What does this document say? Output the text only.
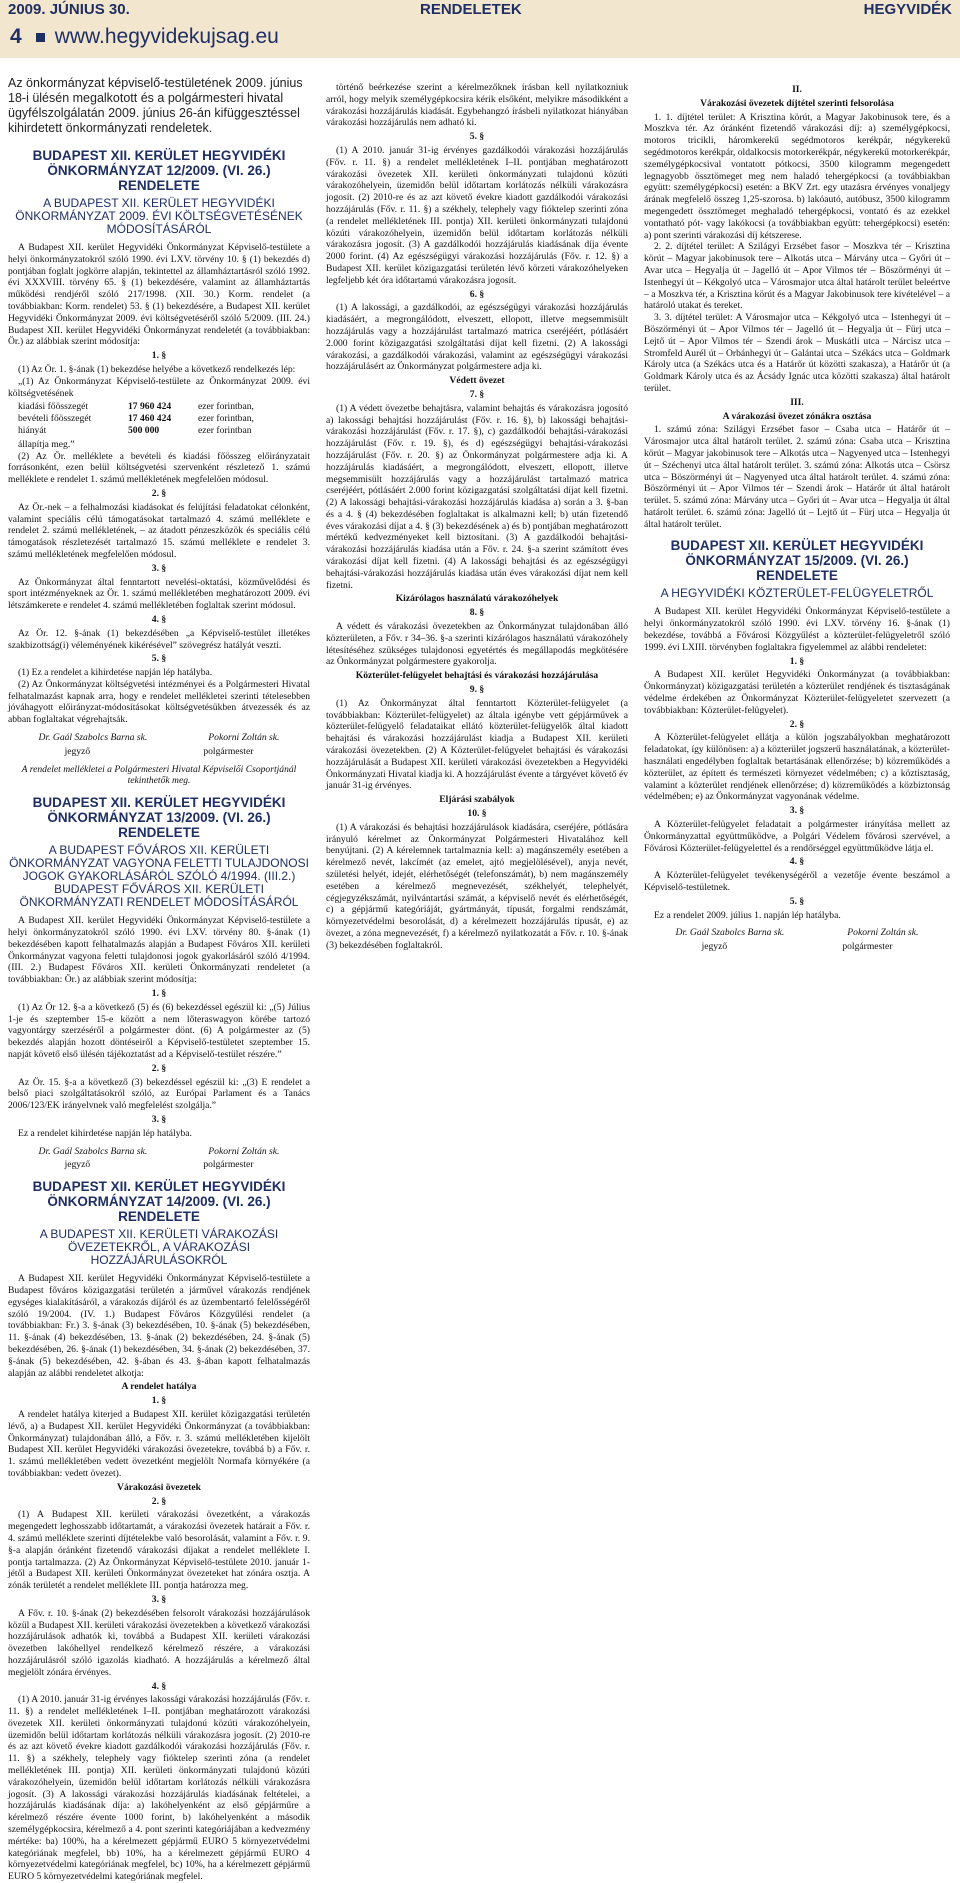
2009. JÚNIUS 30.	RENDELETEK	HEGYVIDÉK
4 www.hegyvidekujsag.eu

Az önkormányzat képviselő-testületének 2009. június 18-i ülésén megalkotott és a polgármesteri hivatal ügyfélszolgálatán 2009. június 26-án kifüggesztéssel kihirdetett önkormányzati rendeletek.

BUDAPEST XII. KERÜLET HEGYVIDÉKI ÖNKORMÁNYZAT 12/2009. (VI. 26.) RENDELETE
A BUDAPEST XII. KERÜLET HEGYVIDÉKI ÖNKORMÁNYZAT 2009. ÉVI KÖLTSÉGVETÉSÉNEK MÓDOSÍTÁSÁRÓL

A Budapest XII. kerület Hegyvidéki Önkormányzat Képviselő-testülete a helyi önkormányzatokról szóló 1990. évi LXV. törvény 10. § (1) bekezdés d) pontjában foglalt jogkörre alapján, tekintettel az államháztartásról szóló 1992. évi XXXVIII. törvény 65. § (1) bekezdésére, valamint az államháztartás működési rendjéről szóló 217/1998. (XII. 30.) Korm. rendelet (a továbbiakban: Korm. rendelet) 53. § (1) bekezdésére, a Budapest XII. kerület Hegyvidéki Önkormányzat 2009. évi költségvetéséről szóló 5/2009. (III. 24.) Budapest XII. kerület Hegyvidéki Önkormányzat rendeletét (a továbbiakban: Ör.) az alábbiak szerint módosítja:

1. §

(1) Az Ör. 1. §-ának (1) bekezdése helyébe a következő rendelkezés lép:

„(1) Az Önkormányzat Képviselő-testülete az Önkormányzat 2009. évi költségvetésének

kiadási főösszegét	17 960 424	ezer forintban,
bevételi főösszegét	17 460 424	ezer forintban,
hiányát	500 000	ezer forintban

állapítja meg.”

(2) Az Ör. melléklete a bevételi és kiadási főösszeg előirányzatait forrásonként, ezen belül költségvetési szervenként részletező 1. számú melléklete e rendelet 1. számú mellékletének megfelelően módosul.

2. §

Az Ör.-nek – a felhalmozási kiadásokat és felújítási feladatokat célonként, valamint speciális célú támogatásokat tartalmazó 4. számú melléklete e rendelet 2. számú mellékletének, – az átadott pénzeszközök és speciális célú támogatások részletezését tartalmazó 15. számú melléklete e rendelet 3. számú mellékletének megfelelően módosul.

3. §

Az Önkormányzat által fenntartott nevelési-oktatási, közművelődési és sport intézményeknek az Ör. 1. számú mellékletében meghatározott 2009. évi létszámkerete e rendelet 4. számú mellékletében foglaltak szerint módosul.

4. §

Az Ör. 12. §-ának (1) bekezdésében „a Képviselő-testület illetékes szakbizottság(i) véleményének kikérésével” szövegrész hatályát veszti.

5. §

(1) Ez a rendelet a kihirdetése napján lép hatályba.

(2) Az Önkormányzat költségvetési intézményei és a Polgármesteri Hivatal felhatalmazást kapnak arra, hogy e rendelet mellékletei szerinti tételesebben jóváhagyott előirányzat-módosításokat költségvetésükben átvezessék és az abban foglaltakat végrehajtsák.

Dr. Gaál Szabolcs Barna sk.	Pokorni Zoltán sk.
jegyző	polgármester
A rendelet mellékletei a Polgármesteri Hivatal Képviselői Csoportjánál tekinthetők meg.
BUDAPEST XII. KERÜLET HEGYVIDÉKI ÖNKORMÁNYZAT 13/2009. (VI. 26.) RENDELETE
A BUDAPEST FŐVÁROS XII. KERÜLETI ÖNKORMÁNYZAT VAGYONA FELETTI TULAJDONOSI JOGOK GYAKORLÁSÁRÓL SZÓLÓ 4/1994. (III.2.) BUDAPEST FŐVÁROS XII. KERÜLETI ÖNKORMÁNYZATI RENDELET MÓDOSÍTÁSÁRÓL

A Budapest XII. kerület Hegyvidéki Önkormányzat Képviselő-testülete a helyi önkormányzatokról szóló 1990. évi LXV. törvény 80. §-ának (1) bekezdésében kapott felhatalmazás alapján a Budapest Főváros XII. kerületi Önkormányzat vagyona feletti tulajdonosi jogok gyakorlásáról szóló 4/1994. (III. 2.) Budapest Főváros XII. kerületi Önkormányzati rendeletet (a továbbiakban: Ör.) az alábbiak szerint módosítja:

1. §

(1) Az Ör 12. §-a a következő (5) és (6) bekezdéssel egészül ki: „(5) Július 1-je és szeptember 15-e között a nem lőteraswagyon körébe tartozó vagyontárgy szerzéséről a polgármester dönt. (6) A polgármester az (5) bekezdés alapján hozott döntéseiről a Képviselő-testületet szeptember 15. napját követő első ülésén tájékoztatást ad a Képviselő-testület részére.”

2. §

Az Ör. 15. §-a a következő (3) bekezdéssel egészül ki: „(3) E rendelet a belső piaci szolgáltatásokról szóló, az Európai Parlament és a Tanács 2006/123/EK irányelvnek való megfelelést szolgálja.”

3. §

Ez a rendelet kihirdetése napján lép hatályba.

Dr. Gaál Szabolcs Barna sk.	Pokorni Zoltán sk.
jegyző	polgármester
BUDAPEST XII. KERÜLET HEGYVIDÉKI ÖNKORMÁNYZAT 14/2009. (VI. 26.) RENDELETE
A BUDAPEST XII. KERÜLETI VÁRAKOZÁSI ÖVEZETEKRŐL, A VÁRAKOZÁSI HOZZÁJÁRULÁSOKRÓL

A Budapest XII. kerület Hegyvidéki Önkormányzat Képviselő-testülete a Budapest főváros közigazgatási területén a járművel várakozás rendjének egységes kialakításáról, a várakozás díjáról és az üzembentartó felelősségéről szóló 19/2004. (IV. 1.) Budapest Főváros Közgyűlési rendelet (a továbbiakban: Fr.) 3. §-ának (3) bekezdésében, 10. §-ának (5) bekezdésében, 11. §-ának (4) bekezdésében, 13. §-ának (2) bekezdésében, 24. §-ának (5) bekezdésében, 26. §-ának (1) bekezdésében, 34. §-ának (2) bekezdésében, 37. §-ának (5) bekezdésében, 42. §-ában és 43. §-ában kapott felhatalmazás alapján az alábbi rendeletet alkotja:

A rendelet hatálya
1. §

A rendelet hatálya kiterjed a Budapest XII. kerület közigazgatási területén lévő, a) a Budapest XII. kerület Hegyvidéki Önkormányzat (a továbbiakban: Önkormányzat) tulajdonában álló, a Főv. r. 3. számú mellékletében kijelölt Budapest XII. kerület Hegyvidéki várakozási övezetekre, továbbá b) a Főv. r. 1. számú mellékletében vedett övezetként megjelölt Normafa környékére (a továbbiakban: vedett övezet).

Várakozási övezetek
2. §

(1) A Budapest XII. kerületi várakozási övezetként, a várakozás megengedett leghosszabb időtartamát, a várakozási övezetek határait a Főv. r. 4. számú melléklete szerinti díjtételekbe való besorolását, valamint a Főv. r. 9. §-a alapján óránként fizetendő várakozási díjakat a rendelet melléklete I. pontja tartalmazza. (2) Az Önkormányzat Képviselő-testülete 2010. január 1-jétől a Budapest XII. kerületi Önkormányzat övezeteket hat zónára osztja. A zónák területét a rendelet melléklete III. pontja határozza meg.

3. §

A Főv. r. 10. §-ának (2) bekezdésében felsorolt várakozási hozzájárulások közül a Budapest XII. kerületi várakozási övezetekben a következő várakozási hozzájárulások adhatók ki, továbbá a Budapest XII. kerületi várakozási övezetben lakóhellyel rendelkező kérelmező részére, a várakozási hozzájárulásról szóló igazolás kiadható. A hozzájárulás a kérelmező által megjelölt zónára érvényes.

4. §

(1) A 2010. január 31-ig érvényes lakossági várakozási hozzájárulás (Főv. r. 11. §) a rendelet mellékletének I–II. pontjában meghatározott várakozási övezetek XII. kerületi önkormányzati tulajdonú közúti várakozóhelyein, üzemidőn belül időtartam korlátozás nélküli várakozásra jogosít. (2) 2010-re és az azt követő évekre kiadott gazdálkodói várakozási hozzájárulás (Főv. r. 11. §) a székhely, telephely vagy fióktelep szerinti zóna (a rendelet mellékletének III. pontja) XII. kerületi önkormányzati tulajdonú közúti várakozóhelyein, üzemidőn belül időtartam korlátozás nélküli várakozásra jogosít. (3) A lakossági várakozási hozzájárulás kiadásának feltételei, a hozzájárulás kiadásának díja: a) lakóhelyenként az első gépjárműre a kérelmező részére évente 1000 forint, b) lakóhelyenként a második személygépkocsira, kérelmező a 4. pont szerinti kategóriájában a kedvezmény mértéke: ba) 100%, ha a kérelmezett gépjármű EURO 5 környezetvédelmi kategóriának megfelel, bb) 10%, ha a kérelmezett gépjármű EURO 4 környezetvédelmi kategóriának megfelel, bc) 10%, ha a kérelmezett gépjármű EURO 5 környezetvédelmi kategóriának megfelel.

történő beérkezése szerint a kérelmezőknek írásban kell nyilatkozniuk arról, hogy melyik személygépkocsira kérik elsőként, melyikre másodikként a várakozási hozzájárulás kiadását. Egybehangzó írásbeli nyilatkozat hiányában várakozási hozzájárulás nem adható ki.

5. §

(1) A 2010. január 31-ig érvényes gazdálkodói várakozási hozzájárulás (Főv. r. 11. §) a rendelet mellékletének I–II. pontjában meghatározott várakozási övezetek XII. kerületi önkormányzati tulajdonú közúti várakozóhelyein, üzemidőn belül időtartam korlátozás nélküli várakozásra jogosít. (2) 2010-re és az azt követő évekre kiadott gazdálkodói várakozási hozzájárulás (Főv. r. 11. §) a székhely, telephely vagy fióktelep szerinti zóna (a rendelet mellékletének III. pontja) XII. kerületi önkormányzati tulajdonú közúti várakozóhelyein, üzemidőn belül időtartam korlátozás nélküli várakozásra jogosít. (3) A gazdálkodói hozzájárulás kiadásának díja évente 2000 forint. (4) Az egészségügyi várakozási hozzájárulás (Főv. r. 12. §) a Budapest XII. kerület közigazgatási területén lévő körzeti várakozóhelyeken legfeljebb két óra időtartamú várakozásra jogosít.

6. §

(1) A lakossági, a gazdálkodói, az egészségügyi várakozási hozzájárulás kiadásáért, a megrongálódott, elveszett, ellopott, illetve megsemmisült hozzájárulás vagy a hozzájárulást tartalmazó matrica cseréjéért, pótlásáért 2.000 forint közigazgatási szolgáltatási díjat kell fizetni. (2) A lakossági várakozási, a gazdálkodói várakozási, valamint az egészségügyi várakozási hozzájárulásért az Önkormányzat polgármestere adja ki.

Védett övezet
7. §

(1) A védett övezetbe behajtásra, valamint behajtás és várakozásra jogosító a) lakossági behajtási hozzájárulást (Főv. r. 16. §), b) lakossági behajtási-várakozási hozzájárulást (Főv. r. 17. §), c) gazdálkodói behajtási-várakozási hozzájárulást (Főv. r. 19. §), és d) egészségügyi behajtási-várakozási hozzájárulást (Főv. r. 20. §) az Önkormányzat polgármestere adja ki. A hozzájárulás kiadásáért, a megrongálódott, elveszett, ellopott, illetve megsemmisült hozzájárulás vagy a hozzájárulást tartalmazó matrica cseréjéért, pótlásáért 2.000 forint közigazgatási szolgáltatási díjat kell fizetni. (2) A lakossági behajtási-várakozási hozzájárulás kiadása a) során a 3. §-ban és a 4. § (4) bekezdésében foglaltakat is alkalmazni kell; b) után fizetendő éves várakozási díjat a 4. § (3) bekezdésének a) és b) pontjában meghatározott mértékű kedvezményeket kell biztosítani. (3) A gazdálkodói behajtási-várakozási hozzájárulás kiadása után a Főv. r. 24. §-a szerint számított éves várakozási díjat kell fizetni. (4) A lakossági behajtási és az egészségügyi behajtási-várakozási hozzájárulás kiadása után éves várakozási díjat nem kell fizetni.

Kizárólagos használatú várakozóhelyek
8. §

A védett és várakozási övezetekben az Önkormányzat tulajdonában álló közterületen, a Főv. r 34–36. §-a szerinti kizárólagos használatú várakozóhely létesítéséhez szükséges tulajdonosi egyetértés és megállapodás megkötésére az Önkormányzat polgármestere gyakorolja.

Közterület-felügyelet behajtási és várakozási hozzájárulása
9. §

(1) Az Önkormányzat által fenntartott Közterület-felügyelet (a továbbiakban: Közterület-felügyelet) az általa igénybe vett gépjárművek a közterület-felügyelő feladataikat ellátó közterület-felügyelők által kiadott behajtási és várakozási hozzájárulást kiadja a Budapest XII. kerületi várakozási övezetekben. (2) A Közterület-felügyelet behajtási és várakozási hozzájárulását a Budapest XII. kerületi várakozási övezetekben a Hegyvidéki Önkormányzati Hivatal kiadja ki. A hozzájárulást évente a tárgyévet követő év január 31-ig érvényes.

Eljárási szabályok
10. §

(1) A várakozási és behajtási hozzájárulások kiadására, cseréjére, pótlására irányuló kérelmet az Önkormányzat Polgármesteri Hivatalához kell benyújtani. (2) A kérelemnek tartalmaznia kell: a) magánszemély esetében a kérelmező nevét, lakcímét (az emelet, ajtó megjelölésével), anyja nevét, születési helyét, idejét, elérhetőségét (telefonszámát), b) nem magánszemély esetében a kérelmező megnevezését, székhelyét, telephelyét, cégjegyzékszámát, nyilvántartási számát, a képviselő nevét és elérhetőségét, c) a gépjármű kategóriáját, gyártmányát, típusát, forgalmi rendszámát, környezetvédelmi besorolását, d) a kérelmezett hozzájárulás típusát, e) az övezet, a zóna megnevezését, f) a kérelmező nyilatkozatát a Főv. r. 10. §-ának (3) bekezdésében foglaltakról.

II.
Várakozási övezetek díjtétel szerinti felsorolása

1. 1. díjtétel terület: A Krisztina körút, a Magyar Jakobinusok tere, és a Moszkva tér. Az óránként fizetendő várakozási díj: a) személygépkocsi, motoros tricikli, háromkerekű segédmotoros kerékpár, négykerekű segédmotoros kerékpár, oldalkocsis motorkerékpár, négykerekű motorkerékpár, személygépkocsival vontatott pótkocsi, 3500 kilogramm megengedett legnagyobb össztömeget meg nem haladó tehergépkocsi (a továbbiakban együtt: személygépkocsi) esetén: a BKV Zrt. egy utazásra érvényes vonaljegy árának megfelelő összeg 1,25-szorosa. b) lakóautó, autóbusz, 3500 kilogramm megengedett össztömeget meghaladó tehergépkocsi, vontató és az ezekkel vontatható pót- vagy lakókocsi (a továbbiakban együtt: tehergépkocsi) esetén: a) pont szerinti várakozási díj kétszerese.

2. 2. díjtétel terület: A Szilágyi Erzsébet fasor – Moszkva tér – Krisztina körút – Magyar jakobinusok tere – Alkotás utca – Márvány utca – Győri út – Avar utca – Hegyalja út – Jagelló út – Apor Vilmos tér – Böszörményi út – Istenhegyi út – Kékgolyó utca – Városmajor utca által határolt terület beleértve – a Moszkva tér, a Krisztina körút és a Magyar Jakobinusok tere kivételével – a határoló utakat és tereket.

3. 3. díjtétel terület: A Városmajor utca – Kékgolyó utca – Istenhegyi út – Böszörményi út – Apor Vilmos tér – Jagelló út – Hegyalja út – Fürj utca – Lejtő út – Apor Vilmos tér – Szendi árok – Muskátli utca – Nárcisz utca – Stromfeld Aurél út – Orbánhegyi út – Galántai utca – Székács utca – Goldmark Károly utca (a Székács utca és a Határőr út közötti szakasza), a Határőr út (a Goldmark Károly utca és az Ácsády Ignác utca közötti szakasza) által határolt terület.

III.
A várakozási övezet zónákra osztása

1. számú zóna: Szilágyi Erzsébet fasor – Csaba utca – Határőr út – Városmajor utca által határolt terület. 2. számú zóna: Csaba utca – Krisztina körút – Magyar jakobinusok tere – Alkotás utca – Nagyenyed utca – Istenhegyi út – Széchenyi utca által határolt terület. 3. számú zóna: Alkotás utca – Csörsz utca – Böszörményi út – Nagyenyed utca által határolt terület. 4. számú zóna: Böszörményi út – Apor Vilmos tér – Szendi árok – Határőr út által határolt terület. 5. számú zóna: Márvány utca – Győri út – Avar utca – Hegyalja út által határolt terület. 6. számú zóna: Jagelló út – Lejtő út – Fürj utca – Hegyalja út által határolt terület.

BUDAPEST XII. KERÜLET HEGYVIDÉKI ÖNKORMÁNYZAT 15/2009. (VI. 26.) RENDELETE
A HEGYVIDÉKI KÖZTERÜLET-FELÜGYELETRŐL

A Budapest XII. kerület Hegyvidéki Önkormányzat Képviselő-testülete a helyi önkormányzatokról szóló 1990. évi LXV. törvény 16. §-ának (1) bekezdése, továbbá a Fővárosi Közgyűlést a közterület-felügyeletről szóló 1999. évi LXIII. törvényben foglaltakra figyelemmel az alábbi rendeletet:

1. §

A Budapest XII. kerület Hegyvidéki Önkormányzat (a továbbiakban: Önkormányzat) közigazgatási területén a közterület rendjének és tisztaságának védelme érdekében az Önkormányzat Közterület-felügyeletet szervezett (a továbbiakban: Közterület-felügyelet).

2. §

A Közterület-felügyelet ellátja a külön jogszabályokban meghatározott feladatokat, így különösen: a) a közterület jogszerű használatának, a közterület-használati engedélyben foglaltak betartásának ellenőrzése; b) közreműködés a közterület, az épített és természeti környezet védelmében; c) a köztisztaság, valamint a közterület rendjének ellenőrzése; d) közreműködés a közbiztonság védelmében; e) az Önkormányzat vagyonának védelme.

3. §

A Közterület-felügyelet feladatait a polgármester irányítása mellett az Önkormányzattal együttműködve, a Polgári Védelem fővárosi szervével, a Fővárosi Közterület-felügyelettel és a rendőrséggel együttműködve látja el.

4. §

A Közterület-felügyelet tevékenységéről a vezetője évente beszámol a Képviselő-testületnek.

5. §

Ez a rendelet 2009. július 1. napján lép hatályba.

Dr. Gaál Szabolcs Barna sk.	Pokorni Zoltán sk.
jegyző	polgármester
